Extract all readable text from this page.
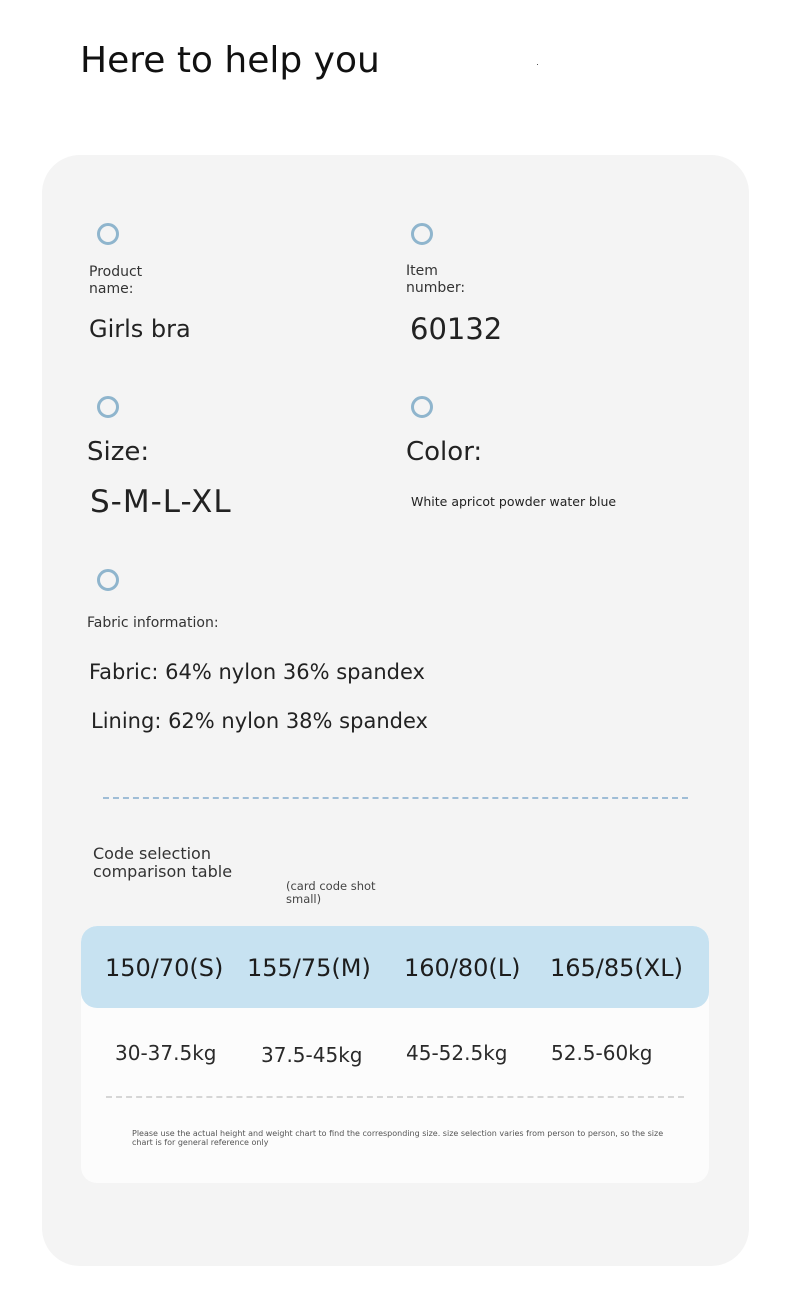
Here to help you
Product name:
Girls bra
Item number:
60132
Size:
S-M-L-XL
Color:
White apricot powder water blue
Fabric information:
Fabric: 64% nylon 36% spandex
Lining: 62% nylon 38% spandex
Code selection comparison table
(card code shot small)
150/70(S) 155/75(M) 160/80(L) 165/85(XL)
30-37.5kg 37.5-45kg 45-52.5kg 52.5-60kg
Please use the actual height and weight chart to find the corresponding size. size selection varies from person to person, so the size chart is for general reference only
